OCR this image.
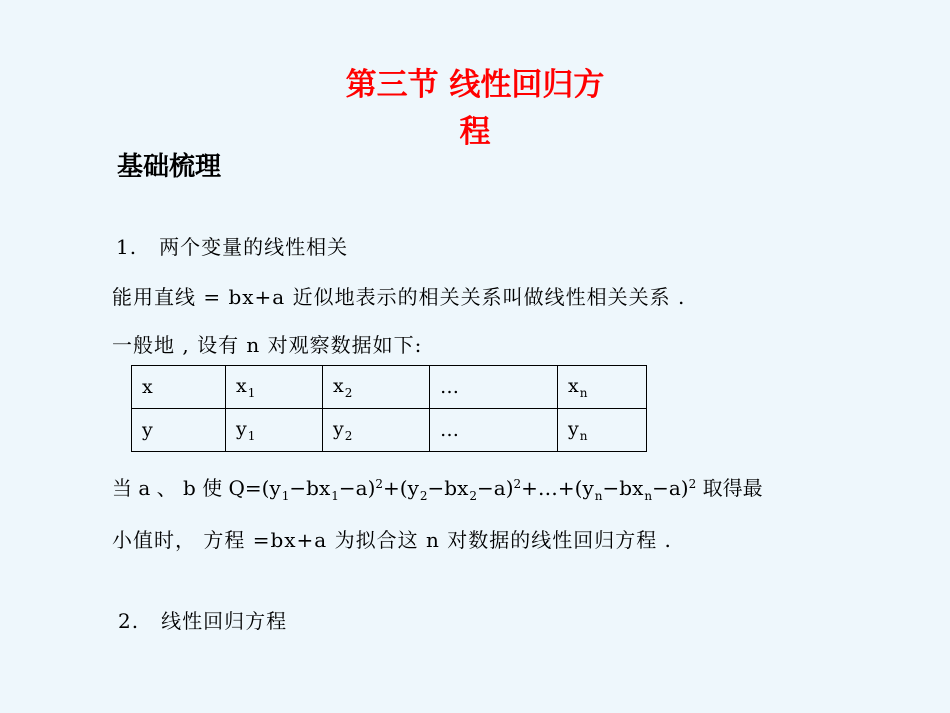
第三节 线性回归方
程
基础梳理
1. 两个变量的线性相关
能用直线 = bx+a 近似地表示的相关关系叫做线性相关关系 .
一般地 , 设有 n 对观察数据如下:
x	$x_1$	$x_2$	…	$x_n$
y	$y_1$	$y_2$	…	$y_n$
当 a 、 b 使 $Q=(y_1-bx_1-a)^2+(y_2-bx_2-a)^2+\dots+(y_n-bx_n-a)^2$ 取得最
小值时， 方程 =bx+a 为拟合这 n 对数据的线性回归方程 .
2. 线性回归方程
